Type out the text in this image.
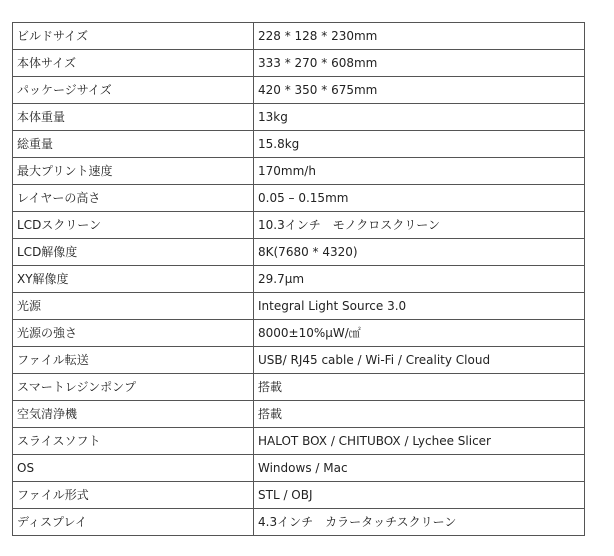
ビルドサイズ	228 * 128 * 230mm
本体サイズ	333 * 270 * 608mm
パッケージサイズ	420 * 350 * 675mm
本体重量	13kg
総重量	15.8kg
最大プリント速度	170mm/h
レイヤーの高さ	0.05 – 0.15mm
LCDスクリーン	10.3インチ　モノクロスクリーン
LCD解像度	8K(7680 * 4320)
XY解像度	29.7μm
光源	Integral Light Source 3.0
光源の強さ	8000±10%μW/㎠
ファイル転送	USB/ RJ45 cable / Wi-Fi / Creality Cloud
スマートレジンポンプ	搭載
空気清浄機	搭載
スライスソフト	HALOT BOX / CHITUBOX / Lychee Slicer
OS	Windows / Mac
ファイル形式	STL / OBJ
ディスプレイ	4.3インチ　カラータッチスクリーン
